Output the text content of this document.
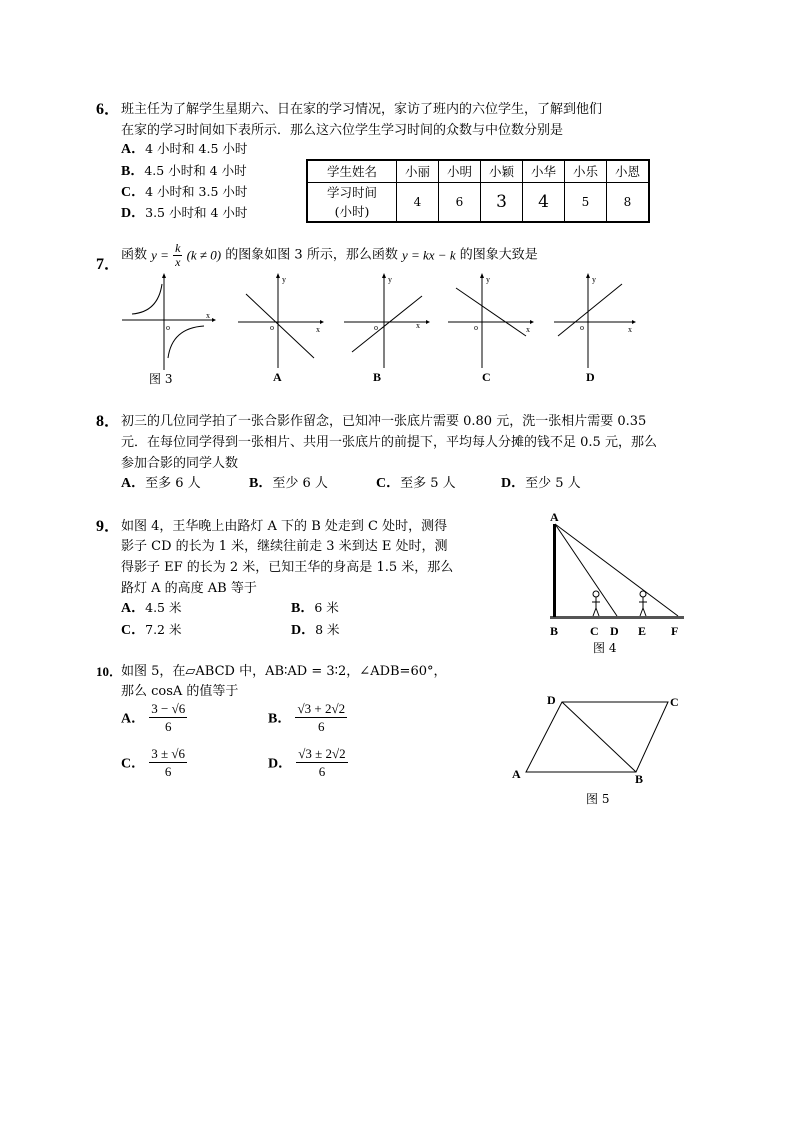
6． 班主任为了解学生星期六、日在家的学习情况，家访了班内的六位学生，了解到他们
在家的学习时间如下表所示．那么这六位学生学习时间的众数与中位数分别是
A．4 小时和 4.5 小时
B．4.5 小时和 4 小时
C．4 小时和 3.5 小时
D．3.5 小时和 4 小时
学生姓名	小丽	小明	小颖	小华	小乐	小恩

学习时间
(小时)	4	6	3	4	5	8
7．
函数 $y = \frac{k}{x} (k \ne 0)$ 的图象如图 3 所示，那么函数 y = kx − k 的图象大致是
o
x
图 3
o	x
y
A
o	x
y
B
o	x
y
C
o	x
y
D
8． 初三的几位同学拍了一张合影作留念，已知冲一张底片需要 0.80 元，洗一张相片需要 0.35
元．在每位同学得到一张相片、共用一张底片的前提下，平均每人分摊的钱不足 0.5 元，那么
参加合影的同学人数
A．至多 6 人	B．至少 6 人	C．至多 5 人	D．至少 5 人
9． 如图 4，王华晚上由路灯 A 下的 B 处走到 C 处时，测得
影子 CD 的长为 1 米，继续往前走 3 米到达 E 处时，测
得影子 EF 的长为 2 米，已知王华的身高是 1.5 米，那么
路灯 A 的高度 AB 等于
A．4.5 米	B．6 米
C．7.2 米	D．8 米
A
B	C D E F
图 4
10．
如图 5，在▱ABCD 中，AB∶AD = 3∶2，∠ADB=60°，
那么 cosA 的值等于
A． $\frac{3 - √6}{6}$	B． $\frac{√3 + 2√2}{6}$
C． $\frac{3 \pm √6}{6}$	D． $\frac{√3 \pm 2√2}{6}$	A	B
C
D
图 5
